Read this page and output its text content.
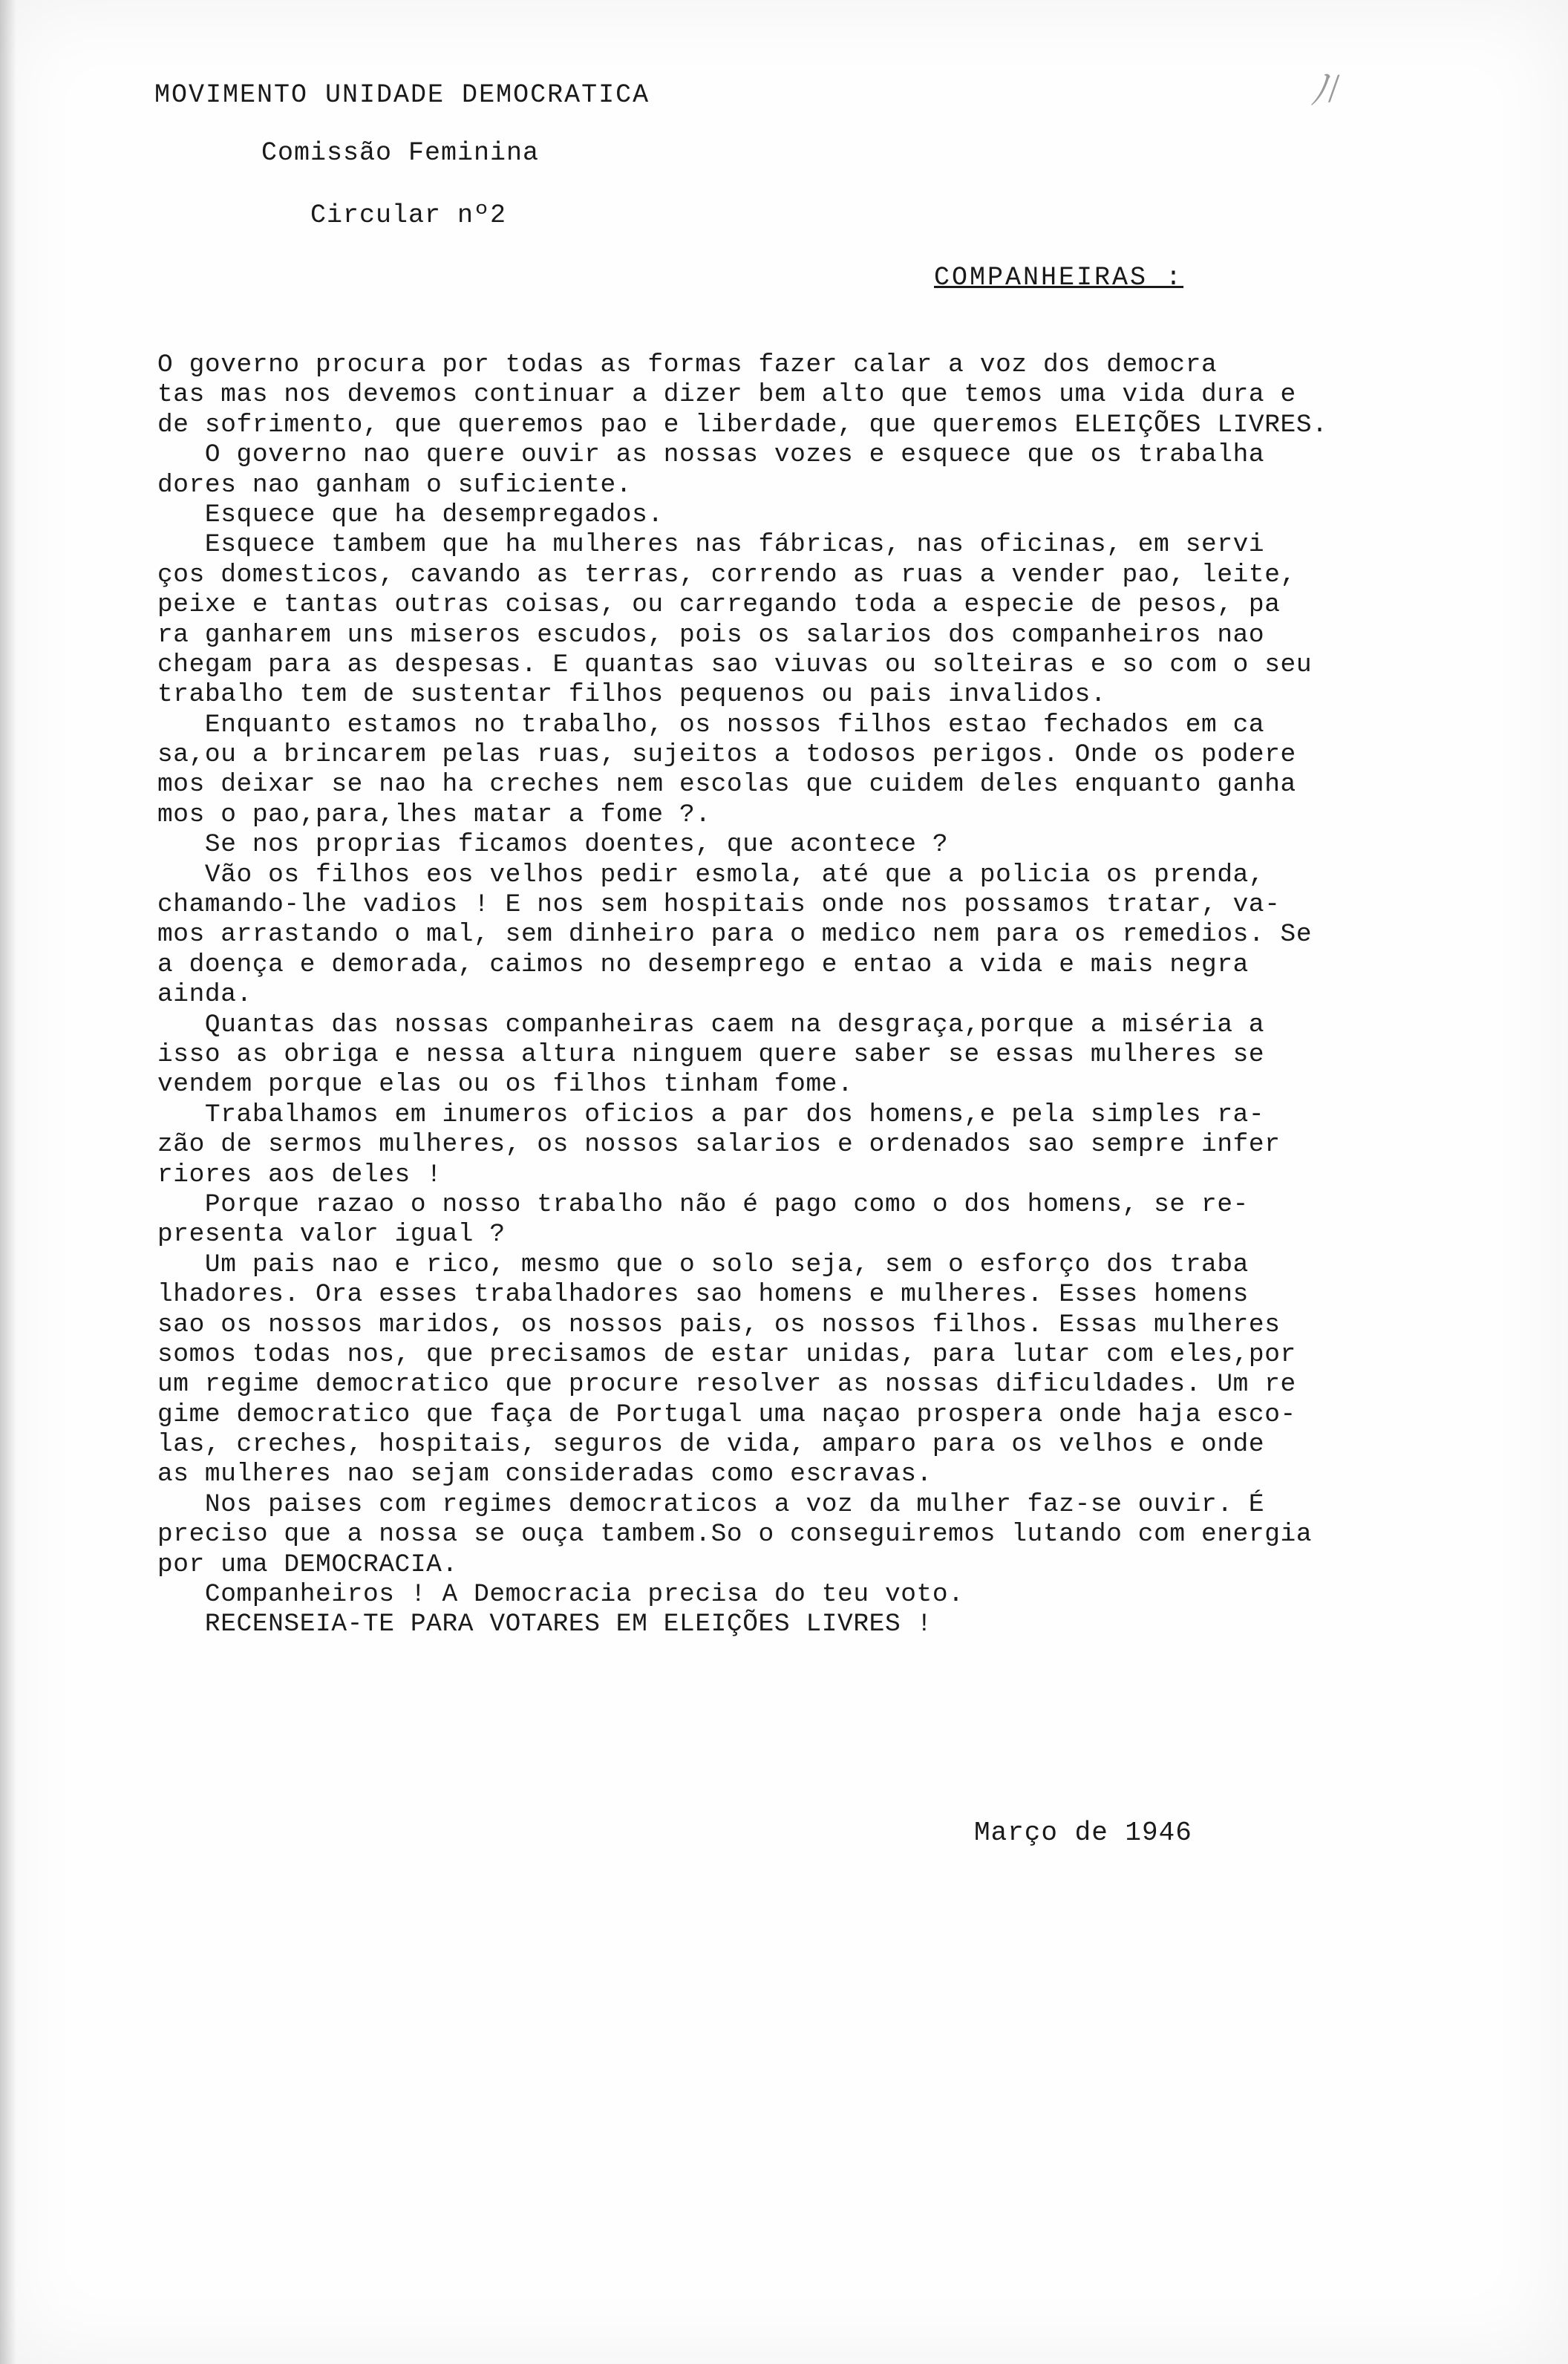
ﾉ/
MOVIMENTO UNIDADE DEMOCRATICA
Comissão Feminina
Circular nº2
COMPANHEIRAS :
O governo procura por todas as formas fazer calar a voz dos democra
tas mas nos devemos continuar a dizer bem alto que temos uma vida dura e
de sofrimento, que queremos pao e liberdade, que queremos ELEIÇÕES LIVRES.
O governo nao quere ouvir as nossas vozes e esquece que os trabalha
dores nao ganham o suficiente.
Esquece que ha desempregados.
Esquece tambem que ha mulheres nas fábricas, nas oficinas, em servi
ços domesticos, cavando as terras, correndo as ruas a vender pao, leite,
peixe e tantas outras coisas, ou carregando toda a especie de pesos, pa
ra ganharem uns miseros escudos, pois os salarios dos companheiros nao
chegam para as despesas. E quantas sao viuvas ou solteiras e so com o seu
trabalho tem de sustentar filhos pequenos ou pais invalidos.
Enquanto estamos no trabalho, os nossos filhos estao fechados em ca
sa,ou a brincarem pelas ruas, sujeitos a todosos perigos. Onde os podere
mos deixar se nao ha creches nem escolas que cuidem deles enquanto ganha
mos o pao,para,lhes matar a fome ?.
Se nos proprias ficamos doentes, que acontece ?
Vão os filhos eos velhos pedir esmola, até que a policia os prenda,
chamando-lhe vadios ! E nos sem hospitais onde nos possamos tratar, va-
mos arrastando o mal, sem dinheiro para o medico nem para os remedios. Se
a doença e demorada, caimos no desemprego e entao a vida e mais negra
ainda.
Quantas das nossas companheiras caem na desgraça,porque a miséria a
isso as obriga e nessa altura ninguem quere saber se essas mulheres se
vendem porque elas ou os filhos tinham fome.
Trabalhamos em inumeros oficios a par dos homens,e pela simples ra-
zão de sermos mulheres, os nossos salarios e ordenados sao sempre infer
riores aos deles !
Porque razao o nosso trabalho não é pago como o dos homens, se re-
presenta valor igual ?
Um pais nao e rico, mesmo que o solo seja, sem o esforço dos traba
lhadores. Ora esses trabalhadores sao homens e mulheres. Esses homens
sao os nossos maridos, os nossos pais, os nossos filhos. Essas mulheres
somos todas nos, que precisamos de estar unidas, para lutar com eles,por
um regime democratico que procure resolver as nossas dificuldades. Um re
gime democratico que faça de Portugal uma naçao prospera onde haja esco-
las, creches, hospitais, seguros de vida, amparo para os velhos e onde
as mulheres nao sejam consideradas como escravas.
Nos paises com regimes democraticos a voz da mulher faz-se ouvir. É
preciso que a nossa se ouça tambem.So o conseguiremos lutando com energia
por uma DEMOCRACIA.
Companheiros ! A Democracia precisa do teu voto.
RECENSEIA-TE PARA VOTARES EM ELEIÇÕES LIVRES !
Março de 1946
